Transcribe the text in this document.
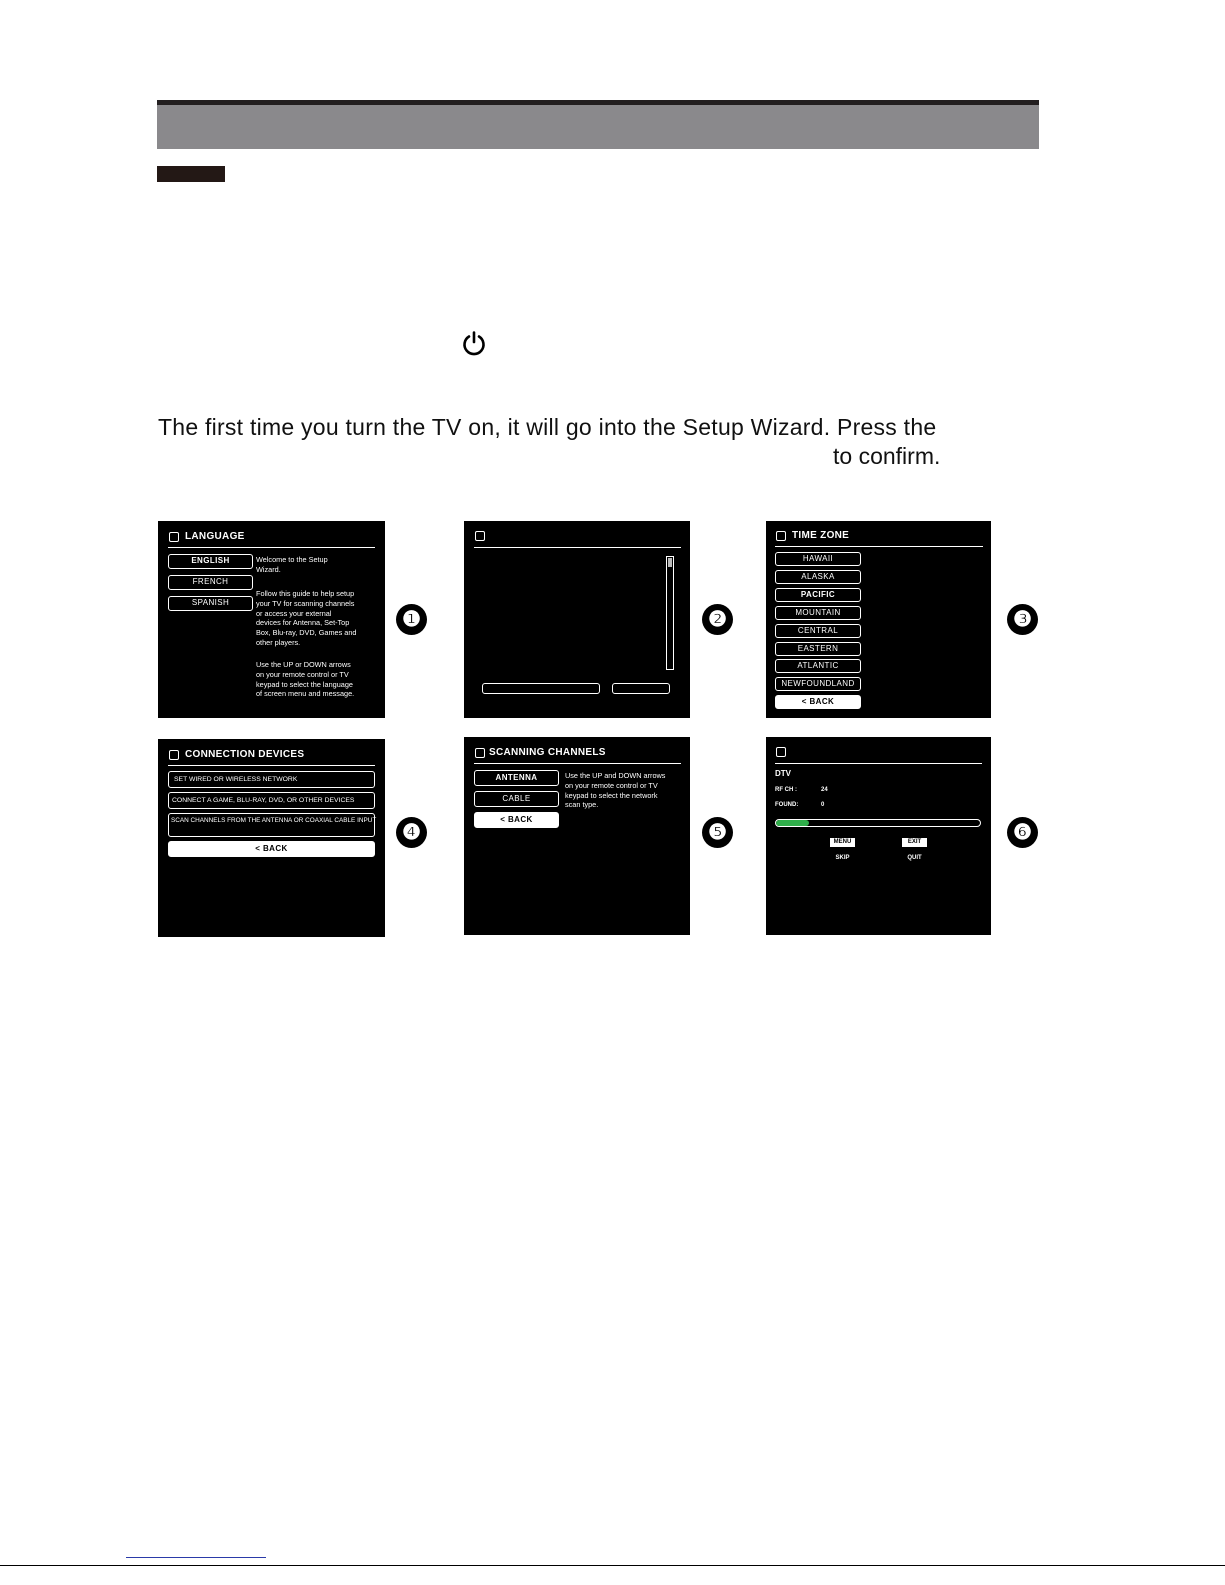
The first time you turn the TV on, it will go into the Setup Wizard. Press the
to confirm.
LANGUAGE
ENGLISH
FRENCH
SPANISH
Welcome to the Setup
Wizard.
Follow this guide to help setup
your TV for scanning channels
or access your external
devices for Antenna, Set-Top
Box, Blu-ray, DVD, Games and
other players.
Use the UP or DOWN arrows
on your remote control or TV
keypad to select the language
of screen menu and message.
❶	❷
TIME ZONE
HAWAII
ALASKA
PACIFIC
MOUNTAIN
CENTRAL
EASTERN
ATLANTIC
NEWFOUNDLAND
< BACK
❸
CONNECTION DEVICES
SET WIRED OR WIRELESS NETWORK
CONNECT A GAME, BLU-RAY, DVD, OR OTHER DEVICES
SCAN CHANNELS FROM THE ANTENNA OR COAXIAL CABLE INPUT
< BACK
❹
SCANNING CHANNELS
ANTENNA
CABLE
< BACK
Use the UP and DOWN arrows
on your remote control or TV
keypad to select the network
scan type.
❺
DTV
RF CH :	24
FOUND:	0
MENU	EXIT
SKIP	QUIT
❻
